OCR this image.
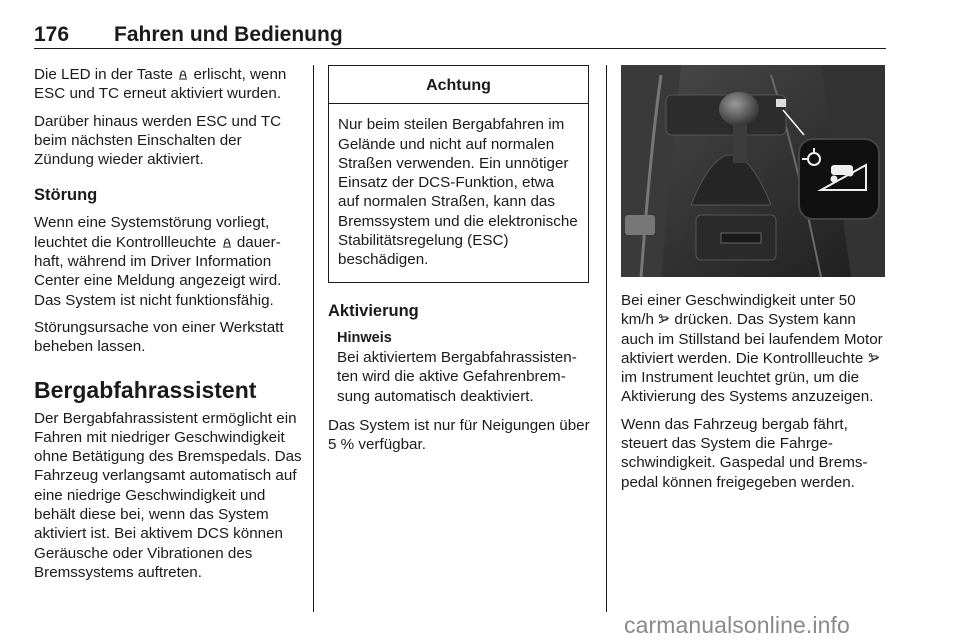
176 Fahren und Bedienung

Die LED in der Taste erlischt, wenn ESC und TC erneut aktiviert wurden.

Darüber hinaus werden ESC und TC beim nächsten Einschalten der Zündung wieder aktiviert.

Störung

Wenn eine Systemstörung vorliegt, leuchtet die Kontrollleuchte dauerhaft, während im Driver Information Center eine Meldung angezeigt wird. Das System ist nicht funktionsfähig.

Störungsursache von einer Werkstatt beheben lassen.

Bergabfahrassistent

Der Bergabfahrassistent ermöglicht ein Fahren mit niedriger Geschwindigkeit ohne Betätigung des Bremspedals. Das Fahrzeug verlangsamt automatisch auf eine niedrige Geschwindigkeit und behält diese bei, wenn das System aktiviert ist. Bei aktivem DCS können Geräusche oder Vibrationen des Bremssystems auftreten.

Achtung
Nur beim steilen Bergabfahren im Gelände und nicht auf normalen Straßen verwenden. Ein unnötiger Einsatz der DCS-Funktion, etwa auf normalen Straßen, kann das Bremssystem und die elektronische Stabilitätsregelung (ESC) beschädigen.
Aktivierung
Hinweis
Bei aktiviertem Bergabfahrassistenten wird die aktive Gefahrenbremsung automatisch deaktiviert.

Das System ist nur für Neigungen über 5 % verfügbar.

Bei einer Geschwindigkeit unter 50 km/h drücken. Das System kann auch im Stillstand bei laufendem Motor aktiviert werden. Die Kontrollleuchte  im Instrument leuchtet grün, um die Aktivierung des Systems anzuzeigen.

Wenn das Fahrzeug bergab fährt, steuert das System die Fahrgeschwindigkeit. Gaspedal und Bremspedal können freigegeben werden.

carmanualsonline.info
